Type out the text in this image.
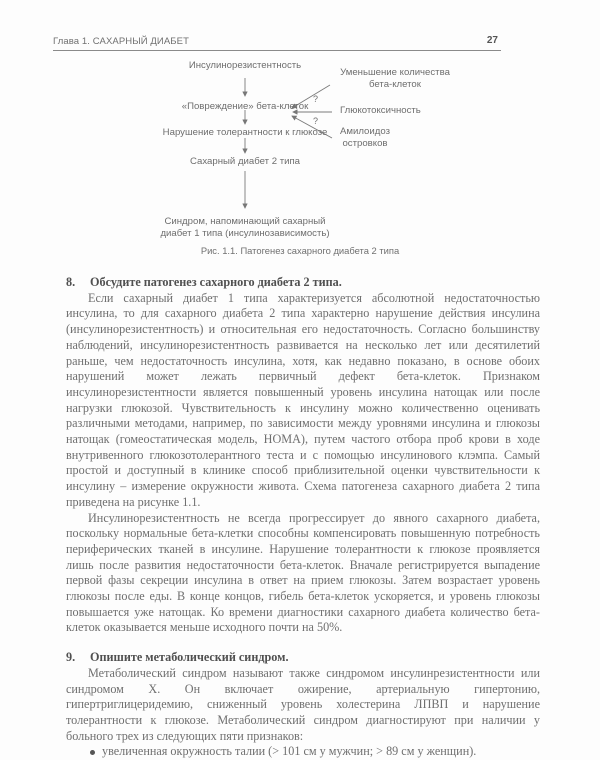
Глава 1. САХАРНЫЙ ДИАБЕТ	27
Инсулинорезистентность
«Повреждение» бета-клеток
Нарушение толерантности к глюкозе
Сахарный диабет 2 типа
Синдром, напоминающий сахарный
диабет 1 типа (инсулинозависимость)
Уменьшение количества
бета-клеток
Глюкотоксичность
Амилоидоз
островков
?
?
Рис. 1.1. Патогенез сахарного диабета 2 типа
8.	Обсудите патогенез сахарного диабета 2 типа.

Если сахарный диабет 1 типа характеризуется абсолютной недостаточностью инсулина, то для сахарного диабета 2 типа характерно нарушение действия инсулина (инсулинорезистентность) и относительная его недостаточность. Согласно большинству наблюдений, инсулинорезистентность развивается на несколько лет или десятилетий раньше, чем недостаточность инсулина, хотя, как недавно показано, в основе обоих нарушений может лежать первичный дефект бета-клеток. Признаком инсулинорезистентности является повышенный уровень инсулина натощак или после нагрузки глюкозой. Чувствительность к инсулину можно количественно оценивать различными методами, например, по зависимости между уровнями инсулина и глюкозы натощак (гомеостатическая модель, HOMA), путем частого отбора проб крови в ходе внутривенного глюкозотолерантного теста и с помощью инсулинового клэмпа. Самый простой и доступный в клинике способ приблизительной оценки чувствительности к инсулину – измерение окружности живота. Схема патогенеза сахарного диабета 2 типа приведена на рисунке 1.1.

Инсулинорезистентность не всегда прогрессирует до явного сахарного диабета, поскольку нормальные бета-клетки способны компенсировать повышенную потребность периферических тканей в инсулине. Нарушение толерантности к глюкозе проявляется лишь после развития недостаточности бета-клеток. Вначале регистрируется выпадение первой фазы секреции инсулина в ответ на прием глюкозы. Затем возрастает уровень глюкозы после еды. В конце концов, гибель бета-клеток ускоряется, и уровень глюкозы повышается уже натощак. Ко времени диагностики сахарного диабета количество бета-клеток оказывается меньше исходного почти на 50%.

9.	Опишите метаболический синдром.

Метаболический синдром называют также синдромом инсулинрезистентности или синдромом X. Он включает ожирение, артериальную гипертонию, гипертриглицеридемию, сниженный уровень холестерина ЛПВП и нарушение толерантности к глюкозе. Метаболический синдром диагностируют при наличии у больного трех из следующих пяти признаков:

увеличенная окружность талии (> 101 см у мужчин; > 89 см у женщин).
